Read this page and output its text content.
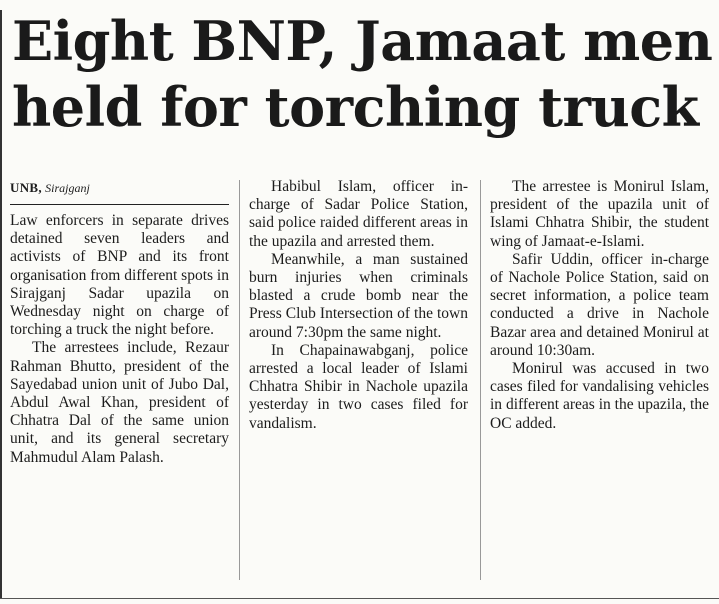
Eight BNP, Jamaat men
held for torching truck
UNB, Sirajganj

Law enforcers in separate drives detained seven leaders and activists of BNP and its front organisation from different spots in Sirajganj Sadar upazila on Wednesday night on charge of torching a truck the night before.

The arrestees include, Rezaur Rahman Bhutto, president of the Sayedabad union unit of Jubo Dal, Abdul Awal Khan, president of Chhatra Dal of the same union unit, and its general secretary Mahmudul Alam Palash.

Habibul Islam, officer in-charge of Sadar Police Station, said police raided different areas in the upazila and arrested them.

Meanwhile, a man sustained burn injuries when criminals blasted a crude bomb near the Press Club Intersection of the town around 7:30pm the same night.

In Chapainawabganj, police arrested a local leader of Islami Chhatra Shibir in Nachole upazila yesterday in two cases filed for vandalism.

The arrestee is Monirul Islam, president of the upazila unit of Islami Chhatra Shibir, the student wing of Jamaat-e-Islami.

Safir Uddin, officer in-charge of Nachole Police Station, said on secret information, a police team conducted a drive in Nachole Bazar area and detained Monirul at around 10:30am.

Monirul was accused in two cases filed for vandalising vehicles in different areas in the upazila, the OC added.
